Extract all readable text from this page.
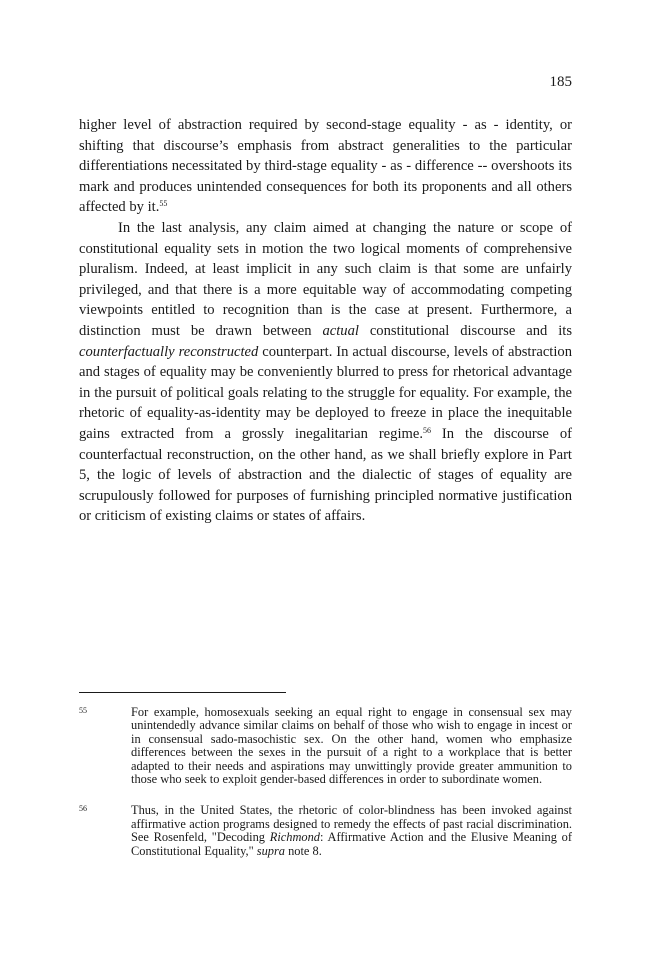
185

higher level of abstraction required by second-stage equality - as - identity, or shifting that discourse’s emphasis from abstract generalities to the particular differentiations necessitated by third-stage equality - as - difference -- overshoots its mark and produces unintended consequences for both its proponents and all others affected by it.$^{55}$

In the last analysis, any claim aimed at changing the nature or scope of constitutional equality sets in motion the two logical moments of comprehensive pluralism. Indeed, at least implicit in any such claim is that some are unfairly privileged, and that there is a more equitable way of accommodating competing viewpoints entitled to recognition than is the case at present. Furthermore, a distinction must be drawn between actual constitutional discourse and its counterfactually reconstructed counterpart. In actual discourse, levels of abstraction and stages of equality may be conveniently blurred to press for rhetorical advantage in the pursuit of political goals relating to the struggle for equality. For example, the rhetoric of equality-as-identity may be deployed to freeze in place the inequitable gains extracted from a grossly inegalitarian regime.$^{56}$ In the discourse of counterfactual reconstruction, on the other hand, as we shall briefly explore in Part 5, the logic of levels of abstraction and the dialectic of stages of equality are scrupulously followed for purposes of furnishing principled normative justification or criticism of existing claims or states of affairs.

55	For example, homosexuals seeking an equal right to engage in consensual sex may unintendedly advance similar claims on behalf of those who wish to engage in incest or in consensual sado-masochistic sex. On the other hand, women who emphasize differences between the sexes in the pursuit of a right to a workplace that is better adapted to their needs and aspirations may unwittingly provide greater ammunition to those who seek to exploit gender-based differences in order to subordinate women.
56	Thus, in the United States, the rhetoric of color-blindness has been invoked against affirmative action programs designed to remedy the effects of past racial discrimination. See Rosenfeld, "Decoding Richmond: Affirmative Action and the Elusive Meaning of Constitutional Equality," supra note 8.
